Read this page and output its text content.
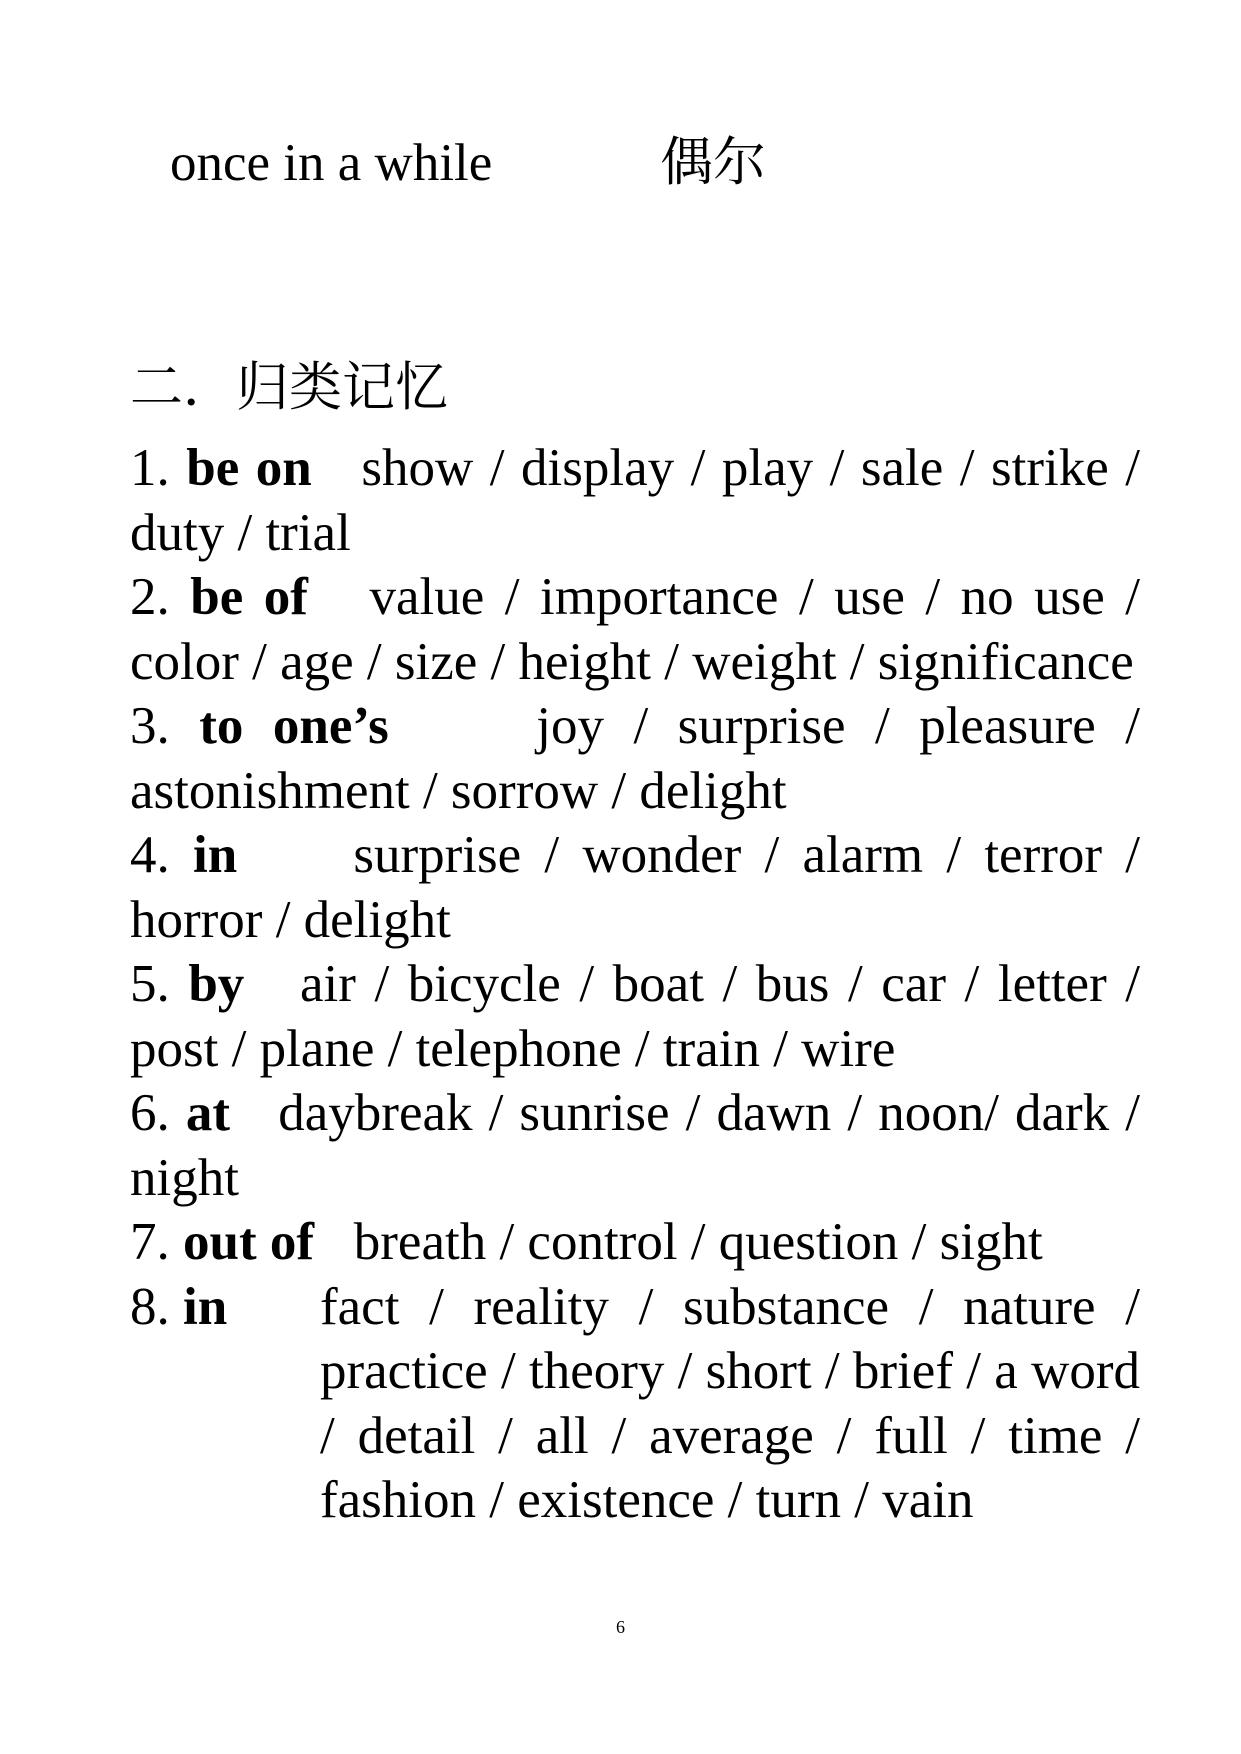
once in a while	偶尔
二．归类记忆

1. be on show / display / play / sale / strike / duty / trial

2. be of value / importance / use / no use / color / age / size / height / weight / significance

3. to one’s	joy / surprise / pleasure / astonishment / sorrow / delight

4. in surprise / wonder / alarm / terror / horror / delight

5. by air / bicycle / boat / bus / car / letter / post / plane / telephone / train / wire

6. at daybreak / sunrise / dawn / noon/ dark / night

7. out of breath / control / question / sight

8. in fact / reality / substance / nature / practice / theory / short / brief / a word / detail / all / average / full / time / fashion / existence / turn / vain
6
